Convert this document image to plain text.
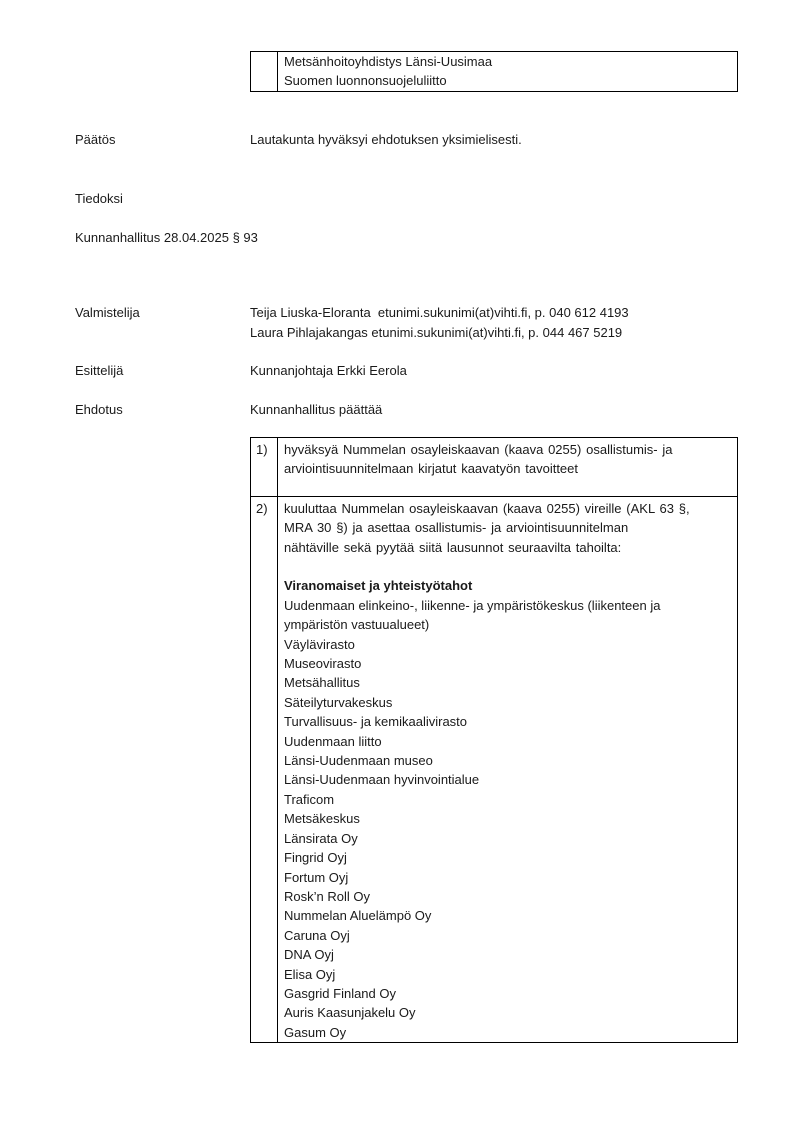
Metsänhoitoyhdistys Länsi-Uusimaa
Suomen luonnonsuojeluliitto
Päätös	Lautakunta hyväksyi ehdotuksen yksimielisesti.
Tiedoksi
Kunnanhallitus 28.04.2025 § 93
Valmistelija	Teija Liuska-Eloranta  etunimi.sukunimi(at)vihti.fi, p. 040 612 4193
Laura Pihlajakangas etunimi.sukunimi(at)vihti.fi, p. 044 467 5219
Esittelijä	Kunnanjohtaja Erkki Eerola
Ehdotus	Kunnanhallitus päättää
1)	hyväksyä Nummelan osayleiskaavan (kaava 0255) osallistumis- ja
arviointisuunnitelmaan kirjatut kaavatyön tavoitteet
2)	kuuluttaa Nummelan osayleiskaavan (kaava 0255) vireille (AKL 63 §,
MRA 30 §) ja asettaa osallistumis- ja arviointisuunnitelman
nähtäville sekä pyytää siitä lausunnot seuraavilta tahoilta:
Viranomaiset ja yhteistyötahot
Uudenmaan elinkeino-, liikenne- ja ympäristökeskus (liikenteen ja
ympäristön vastuualueet)
Väylävirasto
Museovirasto
Metsähallitus
Säteilyturvakeskus
Turvallisuus- ja kemikaalivirasto
Uudenmaan liitto
Länsi-Uudenmaan museo
Länsi-Uudenmaan hyvinvointialue
Traficom
Metsäkeskus
Länsirata Oy
Fingrid Oyj
Fortum Oyj
Rosk’n Roll Oy
Nummelan Aluelämpö Oy
Caruna Oyj
DNA Oyj
Elisa Oyj
Gasgrid Finland Oy
Auris Kaasunjakelu Oy
Gasum Oy
